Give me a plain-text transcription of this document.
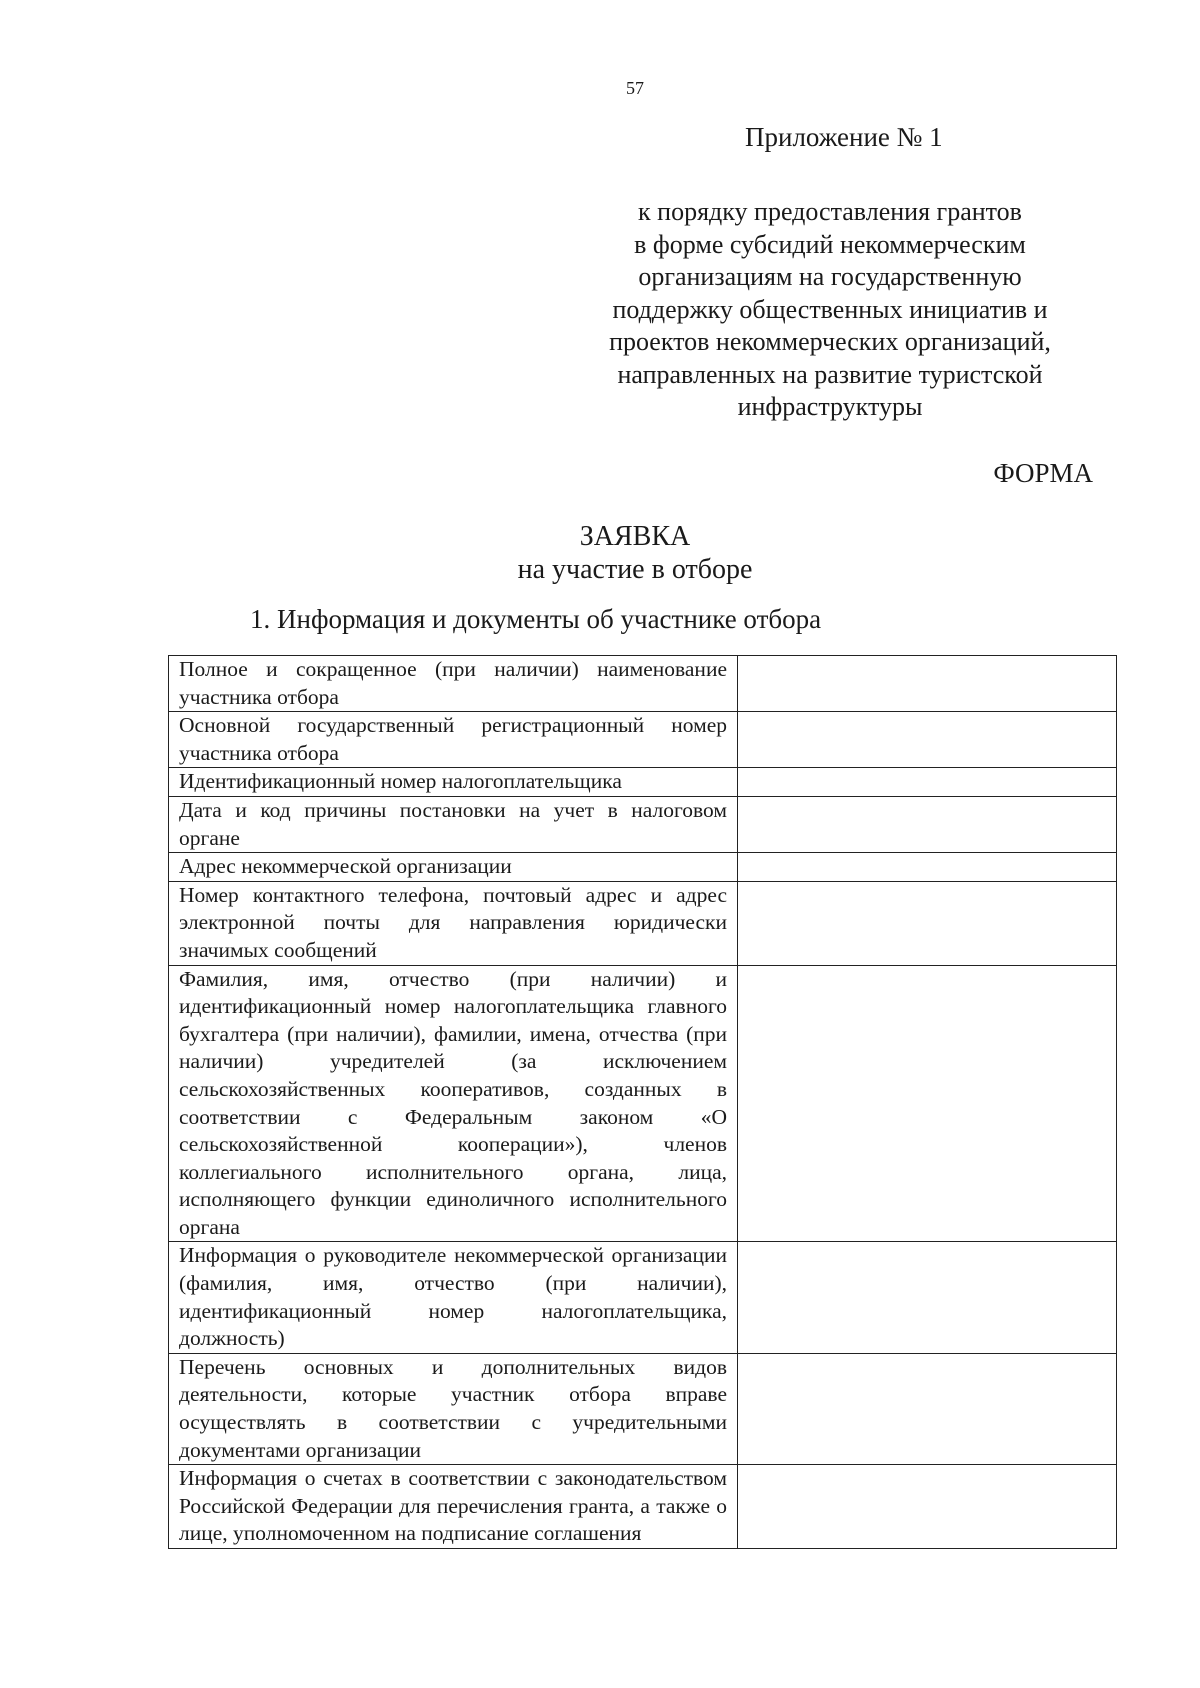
57
Приложение № 1
к порядку предоставления грантов
в форме субсидий некоммерческим
организациям на государственную
поддержку общественных инициатив и
проектов некоммерческих организаций,
направленных на развитие туристской
инфраструктуры
ФОРМА
ЗАЯВКА
на участие в отборе
1. Информация и документы об участнике отбора
Полное и сокращенное (при наличии) наименование участника отбора	
Основной государственный регистрационный номер участника отбора	
Идентификационный номер налогоплательщика	
Дата и код причины постановки на учет в налоговом органе	
Адрес некоммерческой организации	
Номер контактного телефона, почтовый адрес и адрес электронной почты для направления юридически значимых сообщений	
Фамилия, имя, отчество (при наличии) и идентификационный номер налогоплательщика главного бухгалтера (при наличии), фамилии, имена, отчества (при наличии) учредителей (за исключением сельскохозяйственных кооперативов, созданных в соответствии с Федеральным законом «О сельскохозяйственной кооперации»), членов коллегиального исполнительного органа, лица, исполняющего функции единоличного исполнительного органа	
Информация о руководителе некоммерческой организации (фамилия, имя, отчество (при наличии), идентификационный номер налогоплательщика, должность)	
Перечень основных и дополнительных видов деятельности, которые участник отбора вправе осуществлять в соответствии с учредительными документами организации	
Информация о счетах в соответствии с законодательством Российской Федерации для перечисления гранта, а также о лице, уполномоченном на подписание соглашения	
